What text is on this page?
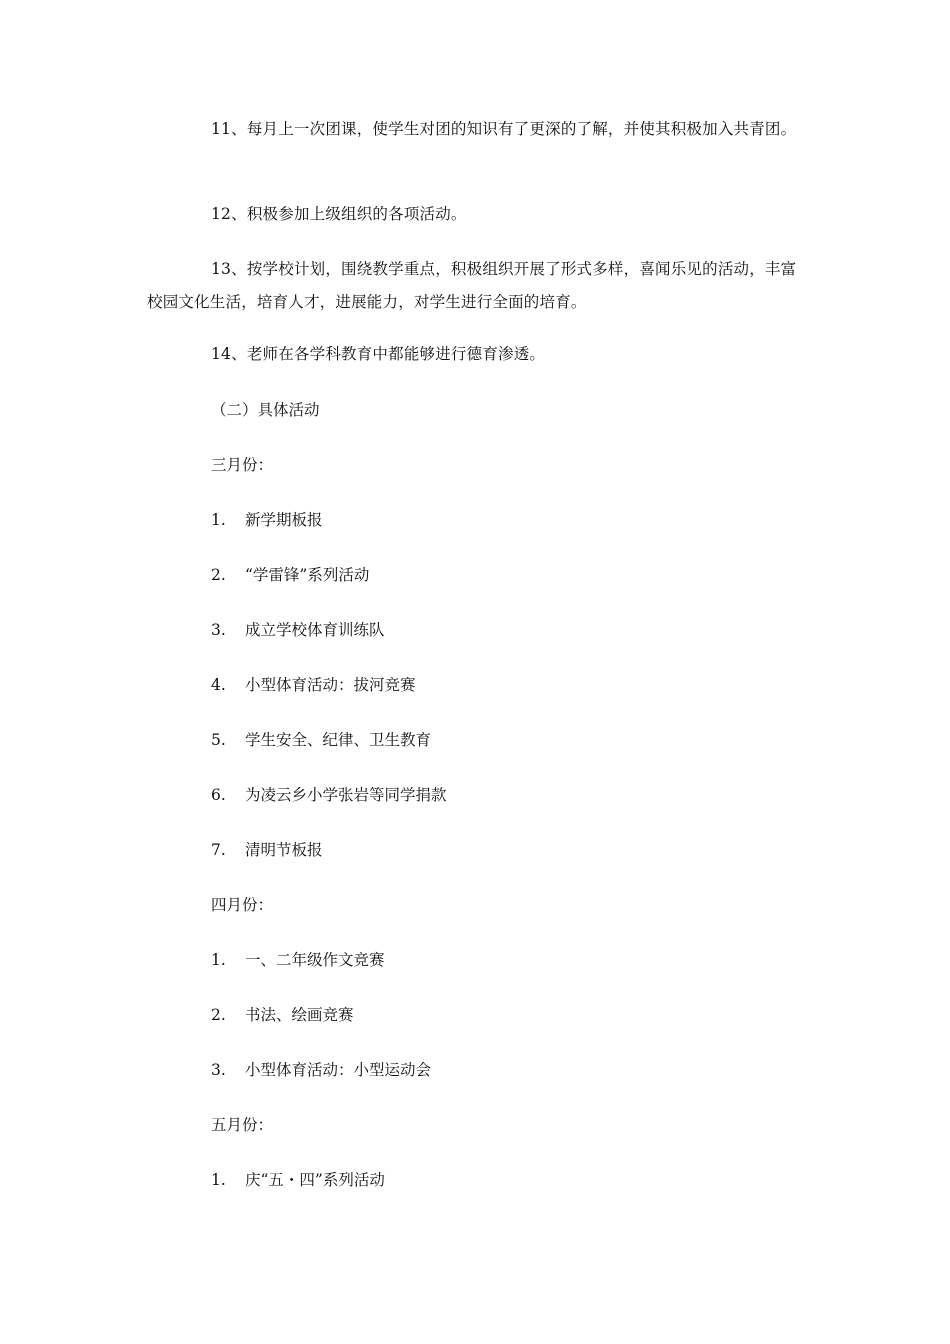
11、每月上一次团课，使学生对团的知识有了更深的了解，并使其积极加入共青团。

12、积极参加上级组织的各项活动。

13、按学校计划，围绕教学重点，积极组织开展了形式多样，喜闻乐见的活动，丰富校园文化生活，培育人才，进展能力，对学生进行全面的培育。

14、老师在各学科教育中都能够进行德育渗透。

（二）具体活动

三月份：

1. 新学期板报

2. “学雷锋”系列活动

3. 成立学校体育训练队

4. 小型体育活动：拔河竞赛

5. 学生安全、纪律、卫生教育

6. 为凌云乡小学张岩等同学捐款

7. 清明节板报

四月份：

1. 一、二年级作文竞赛

2. 书法、绘画竞赛

3. 小型体育活动：小型运动会

五月份：

1. 庆“五・四”系列活动
